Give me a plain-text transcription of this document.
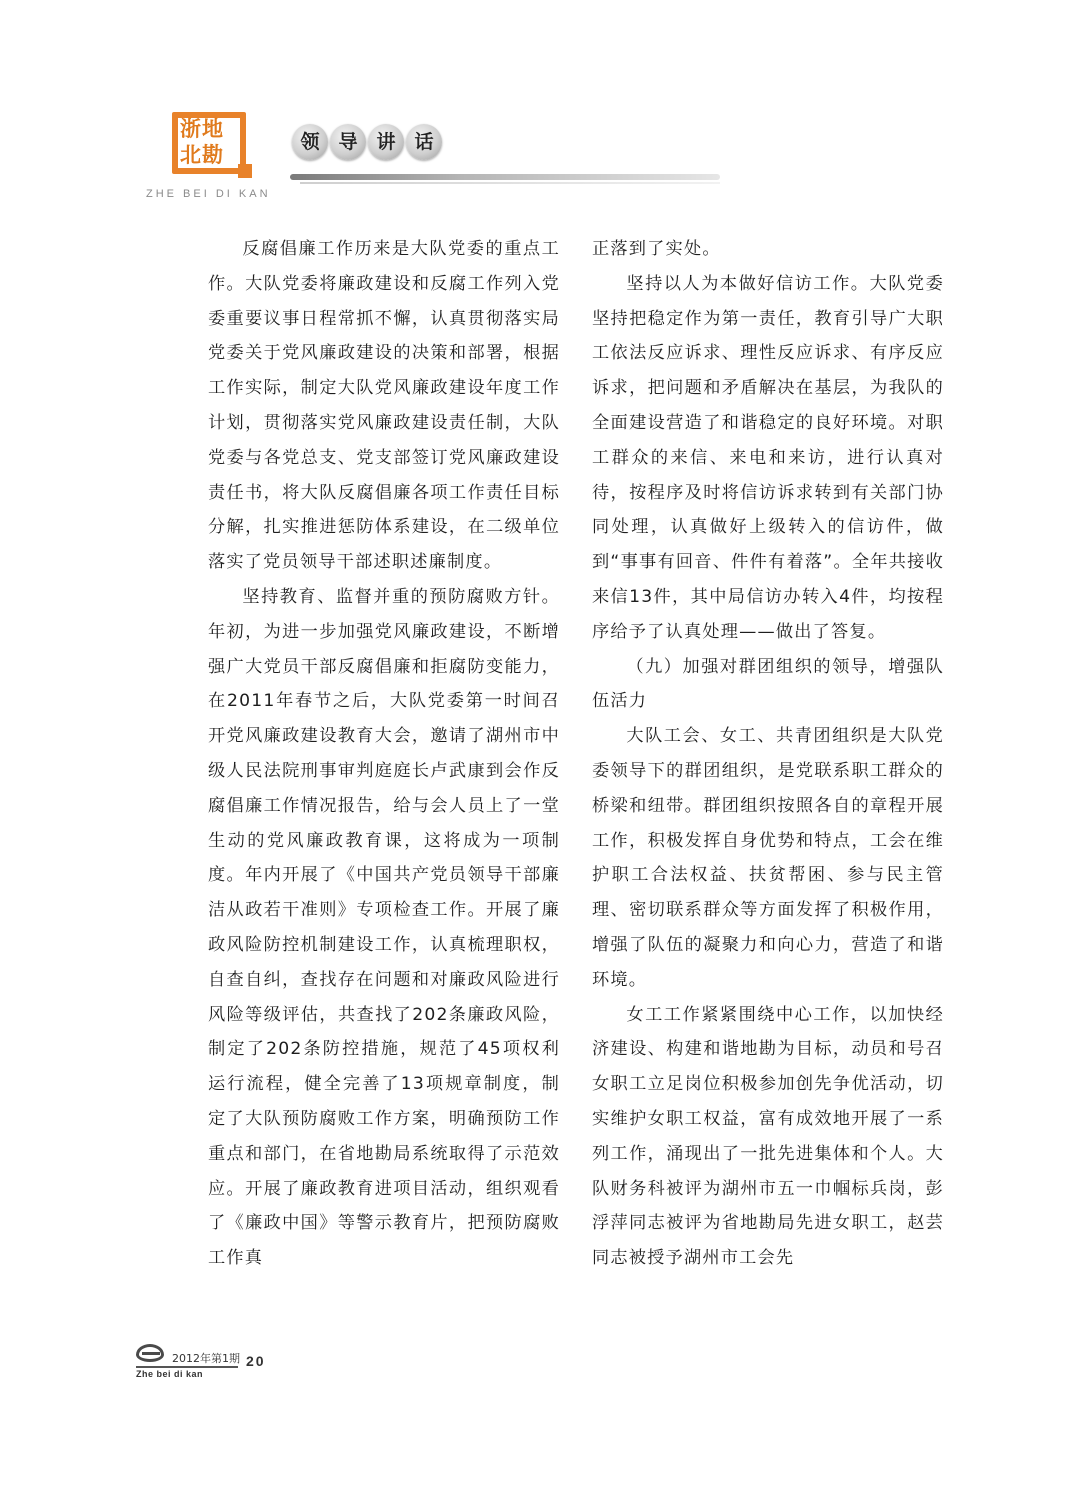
浙地
北勘
ZHE BEI DI KAN
领 导 讲 话

反腐倡廉工作历来是大队党委的重点工作。大队党委将廉政建设和反腐工作列入党委重要议事日程常抓不懈，认真贯彻落实局党委关于党风廉政建设的决策和部署，根据工作实际，制定大队党风廉政建设年度工作计划，贯彻落实党风廉政建设责任制，大队党委与各党总支、党支部签订党风廉政建设责任书，将大队反腐倡廉各项工作责任目标分解，扎实推进惩防体系建设，在二级单位落实了党员领导干部述职述廉制度。

坚持教育、监督并重的预防腐败方针。年初，为进一步加强党风廉政建设，不断增强广大党员干部反腐倡廉和拒腐防变能力，在2011年春节之后，大队党委第一时间召开党风廉政建设教育大会，邀请了湖州市中级人民法院刑事审判庭庭长卢武康到会作反腐倡廉工作情况报告，给与会人员上了一堂生动的党风廉政教育课，这将成为一项制度。年内开展了《中国共产党员领导干部廉洁从政若干准则》专项检查工作。开展了廉政风险防控机制建设工作，认真梳理职权，自查自纠，查找存在问题和对廉政风险进行风险等级评估，共查找了202条廉政风险，制定了202条防控措施，规范了45项权利运行流程，健全完善了13项规章制度，制定了大队预防腐败工作方案，明确预防工作重点和部门，在省地勘局系统取得了示范效应。开展了廉政教育进项目活动，组织观看了《廉政中国》等警示教育片，把预防腐败工作真

正落到了实处。

坚持以人为本做好信访工作。大队党委坚持把稳定作为第一责任，教育引导广大职工依法反应诉求、理性反应诉求、有序反应诉求，把问题和矛盾解决在基层，为我队的全面建设营造了和谐稳定的良好环境。对职工群众的来信、来电和来访，进行认真对待，按程序及时将信访诉求转到有关部门协同处理，认真做好上级转入的信访件，做到“事事有回音、件件有着落”。全年共接收来信13件，其中局信访办转入4件，均按程序给予了认真处理——做出了答复。

（九）加强对群团组织的领导，增强队伍活力

大队工会、女工、共青团组织是大队党委领导下的群团组织，是党联系职工群众的桥梁和纽带。群团组织按照各自的章程开展工作，积极发挥自身优势和特点，工会在维护职工合法权益、扶贫帮困、参与民主管理、密切联系群众等方面发挥了积极作用，增强了队伍的凝聚力和向心力，营造了和谐环境。

女工工作紧紧围绕中心工作，以加快经济建设、构建和谐地勘为目标，动员和号召女职工立足岗位积极参加创先争优活动，切实维护女职工权益，富有成效地开展了一系列工作，涌现出了一批先进集体和个人。大队财务科被评为湖州市五一巾帼标兵岗，彭浮萍同志被评为省地勘局先进女职工，赵芸同志被授予湖州市工会先

2012年第1期
Zhe bei di kan
20
